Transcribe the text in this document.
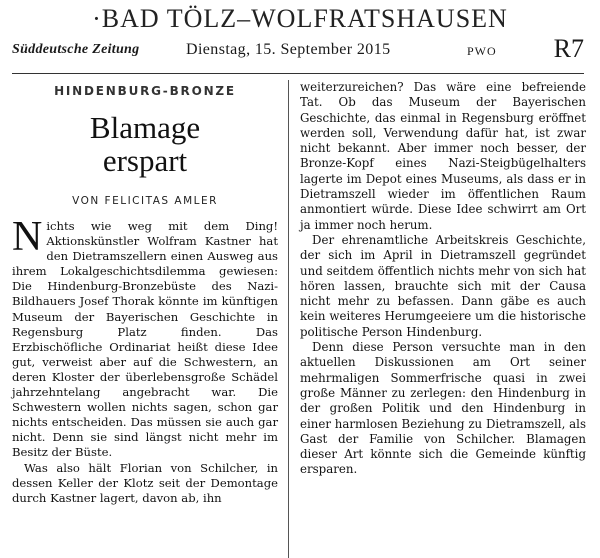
·BAD TÖLZ–WOLFRATSHAUSEN
Süddeutsche Zeitung	Dienstag, 15. September 2015	PWO R7
HINDENBURG-BRONZE
Blamage
erspart
VON FELICITAS AMLER

Nichts wie weg mit dem Ding! Aktionskünstler Wolfram Kastner hat den Dietramszellern einen Ausweg aus ihrem Lokalgeschichtsdilemma gewiesen: Die Hindenburg-Bronzebüste des Nazi-Bildhauers Josef Thorak könnte im künftigen Museum der Bayerischen Geschichte in Regensburg Platz finden. Das Erzbischöfliche Ordinariat heißt diese Idee gut, verweist aber auf die Schwestern, an deren Kloster der überlebensgroße Schädel jahrzehntelang angebracht war. Die Schwestern wollen nichts sagen, schon gar nichts entscheiden. Das müssen sie auch gar nicht. Denn sie sind längst nicht mehr im Besitz der Büste.

Was also hält Florian von Schilcher, in dessen Keller der Klotz seit der Demontage durch Kastner lagert, davon ab, ihn

weiterzureichen? Das wäre eine befreiende Tat. Ob das Museum der Bayerischen Geschichte, das einmal in Regensburg eröffnet werden soll, Verwendung dafür hat, ist zwar nicht bekannt. Aber immer noch besser, der Bronze-Kopf eines Nazi-Steigbügelhalters lagerte im Depot eines Museums, als dass er in Dietramszell wieder im öffentlichen Raum anmontiert würde. Diese Idee schwirrt am Ort ja immer noch herum.

Der ehrenamtliche Arbeitskreis Geschichte, der sich im April in Dietramszell gegründet und seitdem öffentlich nichts mehr von sich hat hören lassen, brauchte sich mit der Causa nicht mehr zu befassen. Dann gäbe es auch kein weiteres Herumgeeiere um die historische politische Person Hindenburg.

Denn diese Person versuchte man in den aktuellen Diskussionen am Ort seiner mehrmaligen Sommerfrische quasi in zwei große Männer zu zerlegen: den Hindenburg in der großen Politik und den Hindenburg in einer harmlosen Beziehung zu Dietramszell, als Gast der Familie von Schilcher. Blamagen dieser Art könnte sich die Gemeinde künftig ersparen.
